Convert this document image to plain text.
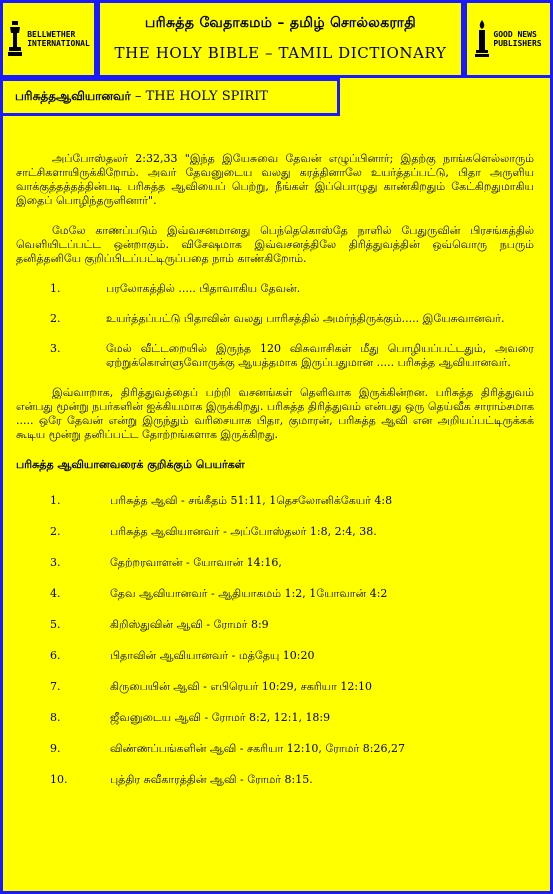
BELLWETHER
INTERNATIONAL
பரிசுத்த வேதாகமம் – தமிழ் சொல்லகராதி
THE HOLY BIBLE – TAMIL DICTIONARY
GOOD NEWS
PUBLISHERS
பரிசுத்தஆவியானவர் – THE HOLY SPIRIT

அப்போஸ்தலர் 2:32,33 "இந்த இயேசுவை தேவன் எழுப்பினார்; இதற்கு நாங்களெல்லாரும் சாட்சிகளாயிருக்கிறோம். அவர் தேவனுடைய வலது கரத்தினாலே உயர்த்தப்பட்டு, பிதா அருளிய வாக்குத்தத்தத்தின்படி பரிசுத்த ஆவியைப் பெற்று, நீங்கள் இப்பொழுது காண்கிறதும் கேட்கிறதுமாகிய இதைப் பொழிந்தருளினார்".

மேலே காணப்படும் இவ்வசனமானது பெந்தெகொஸ்தே நாளில் பேதுருவின் பிரசங்கத்தில் வெளியிடப்பட்ட ஒன்றாகும். விசேஷமாக இவ்வசனத்திலே திரித்துவத்தின் ஒவ்வொரு நபரும் தனித்தனியே குறிப்பிடப்பட்டிருப்பதை நாம் காண்கிறோம்.

1.	பரலோகத்தில் ..... பிதாவாகிய தேவன்.
2.	உயர்த்தப்பட்டு பிதாவின் வலது பாரிசத்தில் அமர்ந்திருக்கும்..... இயேசுவானவர்.
3.	மேல் வீட்டறையில் இருந்த 120 விசுவாசிகள் மீது பொழியப்பட்டதும், அவரை ஏற்றுக்கொள்ளுவோருக்கு ஆயத்தமாக இருப்பதுமான ..... பரிசுத்த ஆவியானவர்.

இவ்வாறாக, திரித்துவத்தைப் பற்றி வசனங்கள் தெளிவாக இருக்கின்றன. பரிசுத்த திரித்துவம் என்பது மூன்று நபர்களின் ஐக்கியமாக இருக்கிறது. பரிசுத்த திரித்துவம் என்பது ஒரு தெய்வீக சாராம்சமாக ..... ஒரே தேவன் என்று இருந்தும் வரிசையாக பிதா, குமாரன், பரிசுத்த ஆவி என அறியப்பட்டிருக்கக் கூடிய மூன்று தனிப்பட்ட தோற்றங்களாக இருக்கிறது.

பரிசுத்த ஆவியானவரைக் குறிக்கும் பெயர்கள்
1.	பரிசுத்த ஆவி - சங்கீதம் 51:11, 1தெசலோனிக்கேயர் 4:8
2.	பரிசுத்த ஆவியானவர் - அப்போஸ்தலர் 1:8, 2:4, 38.
3.	தேற்றரவாளன் - யோவான் 14:16,
4.	தேவ ஆவியானவர் - ஆதியாகமம் 1:2, 1யோவான் 4:2
5.	கிறிஸ்துவின் ஆவி - ரோமர் 8:9
6.	பிதாவின் ஆவியானவர் - மத்தேயு 10:20
7.	கிருபையின் ஆவி - எபிரெயர் 10:29, சகரியா 12:10
8.	ஜீவனுடைய ஆவி - ரோமர் 8:2, 12:1, 18:9
9.	விண்ணப்பங்களின் ஆவி - சகரியா 12:10, ரோமர் 8:26,27
10.	புத்திர சுவீகாரத்தின் ஆவி - ரோமர் 8:15.
